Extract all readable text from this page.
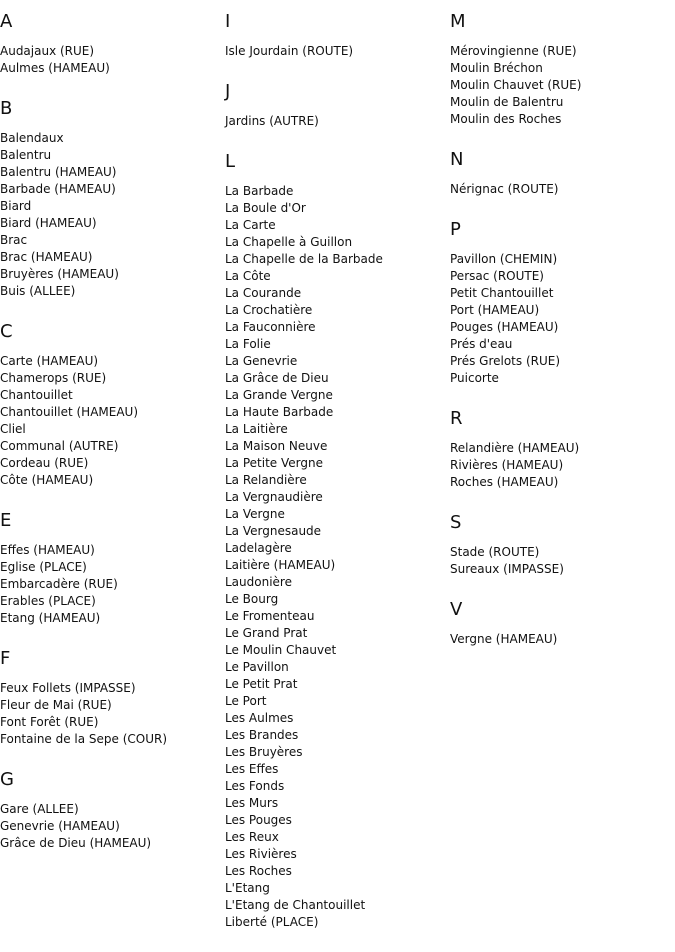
A
Audajaux (RUE)
Aulmes (HAMEAU)
B
Balendaux
Balentru
Balentru (HAMEAU)
Barbade (HAMEAU)
Biard
Biard (HAMEAU)
Brac
Brac (HAMEAU)
Bruyères (HAMEAU)
Buis (ALLEE)
C
Carte (HAMEAU)
Chamerops (RUE)
Chantouillet
Chantouillet (HAMEAU)
Cliel
Communal (AUTRE)
Cordeau (RUE)
Côte (HAMEAU)
E
Effes (HAMEAU)
Eglise (PLACE)
Embarcadère (RUE)
Erables (PLACE)
Etang (HAMEAU)
F
Feux Follets (IMPASSE)
Fleur de Mai (RUE)
Font Forêt (RUE)
Fontaine de la Sepe (COUR)
G
Gare (ALLEE)
Genevrie (HAMEAU)
Grâce de Dieu (HAMEAU)
I
Isle Jourdain (ROUTE)
J
Jardins (AUTRE)
L
La Barbade
La Boule d'Or
La Carte
La Chapelle à Guillon
La Chapelle de la Barbade
La Côte
La Courande
La Crochatière
La Fauconnière
La Folie
La Genevrie
La Grâce de Dieu
La Grande Vergne
La Haute Barbade
La Laitière
La Maison Neuve
La Petite Vergne
La Relandière
La Vergnaudière
La Vergne
La Vergnesaude
Ladelagère
Laitière (HAMEAU)
Laudonière
Le Bourg
Le Fromenteau
Le Grand Prat
Le Moulin Chauvet
Le Pavillon
Le Petit Prat
Le Port
Les Aulmes
Les Brandes
Les Bruyères
Les Effes
Les Fonds
Les Murs
Les Pouges
Les Reux
Les Rivières
Les Roches
L'Etang
L'Etang de Chantouillet
Liberté (PLACE)
M
Mérovingienne (RUE)
Moulin Bréchon
Moulin Chauvet (RUE)
Moulin de Balentru
Moulin des Roches
N
Nérignac (ROUTE)
P
Pavillon (CHEMIN)
Persac (ROUTE)
Petit Chantouillet
Port (HAMEAU)
Pouges (HAMEAU)
Prés d'eau
Prés Grelots (RUE)
Puicorte
R
Relandière (HAMEAU)
Rivières (HAMEAU)
Roches (HAMEAU)
S
Stade (ROUTE)
Sureaux (IMPASSE)
V
Vergne (HAMEAU)
